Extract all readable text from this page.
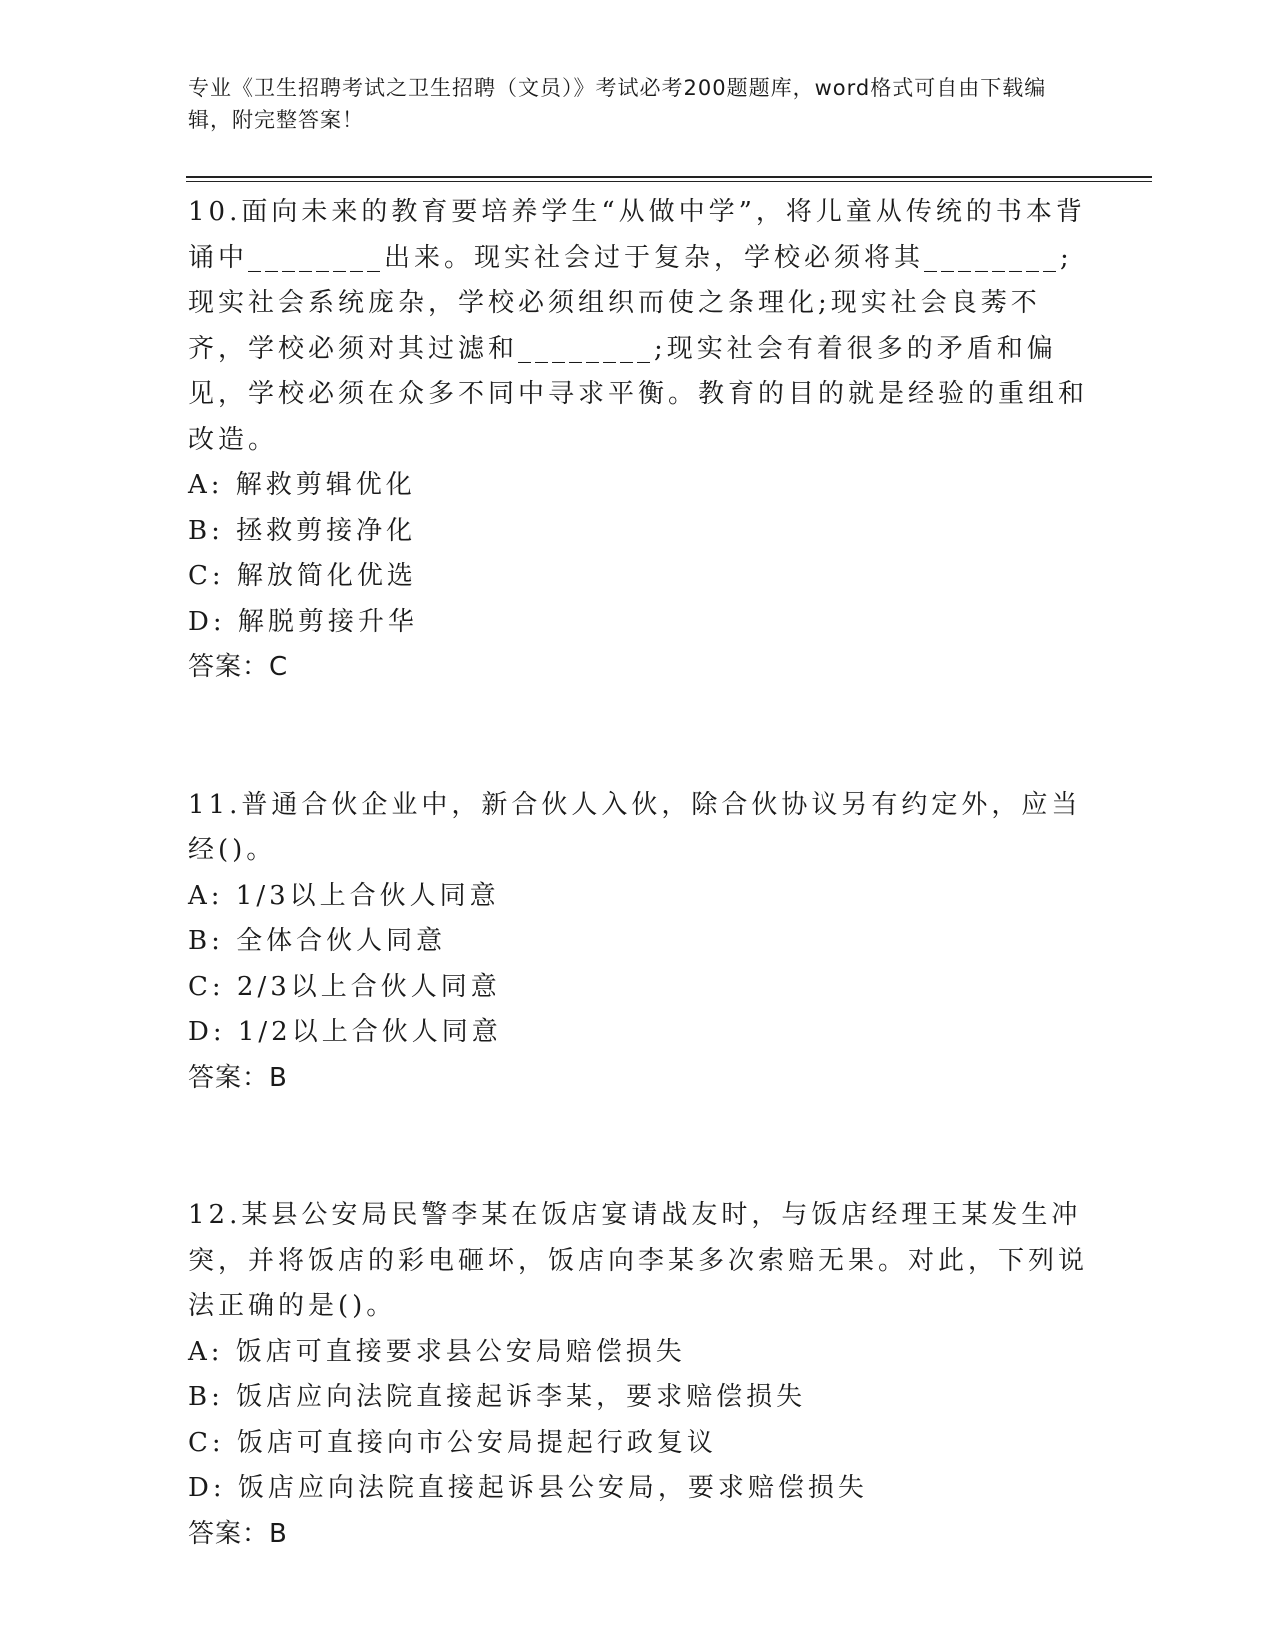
专业《卫生招聘考试之卫生招聘（文员）》考试必考200题题库，word格式可自由下载编辑，附完整答案！
10.面向未来的教育要培养学生“从做中学”，将儿童从传统的书本背诵中________出来。现实社会过于复杂，学校必须将其________;现实社会系统庞杂，学校必须组织而使之条理化;现实社会良莠不齐，学校必须对其过滤和________;现实社会有着很多的矛盾和偏见，学校必须在众多不同中寻求平衡。教育的目的就是经验的重组和改造。
A: 解救剪辑优化
B: 拯救剪接净化
C: 解放简化优选
D: 解脱剪接升华
答案：C
11.普通合伙企业中，新合伙人入伙，除合伙协议另有约定外，应当经()。
A: 1/3以上合伙人同意
B: 全体合伙人同意
C: 2/3以上合伙人同意
D: 1/2以上合伙人同意
答案：B
12.某县公安局民警李某在饭店宴请战友时，与饭店经理王某发生冲突，并将饭店的彩电砸坏，饭店向李某多次索赔无果。对此，下列说法正确的是()。
A: 饭店可直接要求县公安局赔偿损失
B: 饭店应向法院直接起诉李某，要求赔偿损失
C: 饭店可直接向市公安局提起行政复议
D: 饭店应向法院直接起诉县公安局，要求赔偿损失
答案：B
